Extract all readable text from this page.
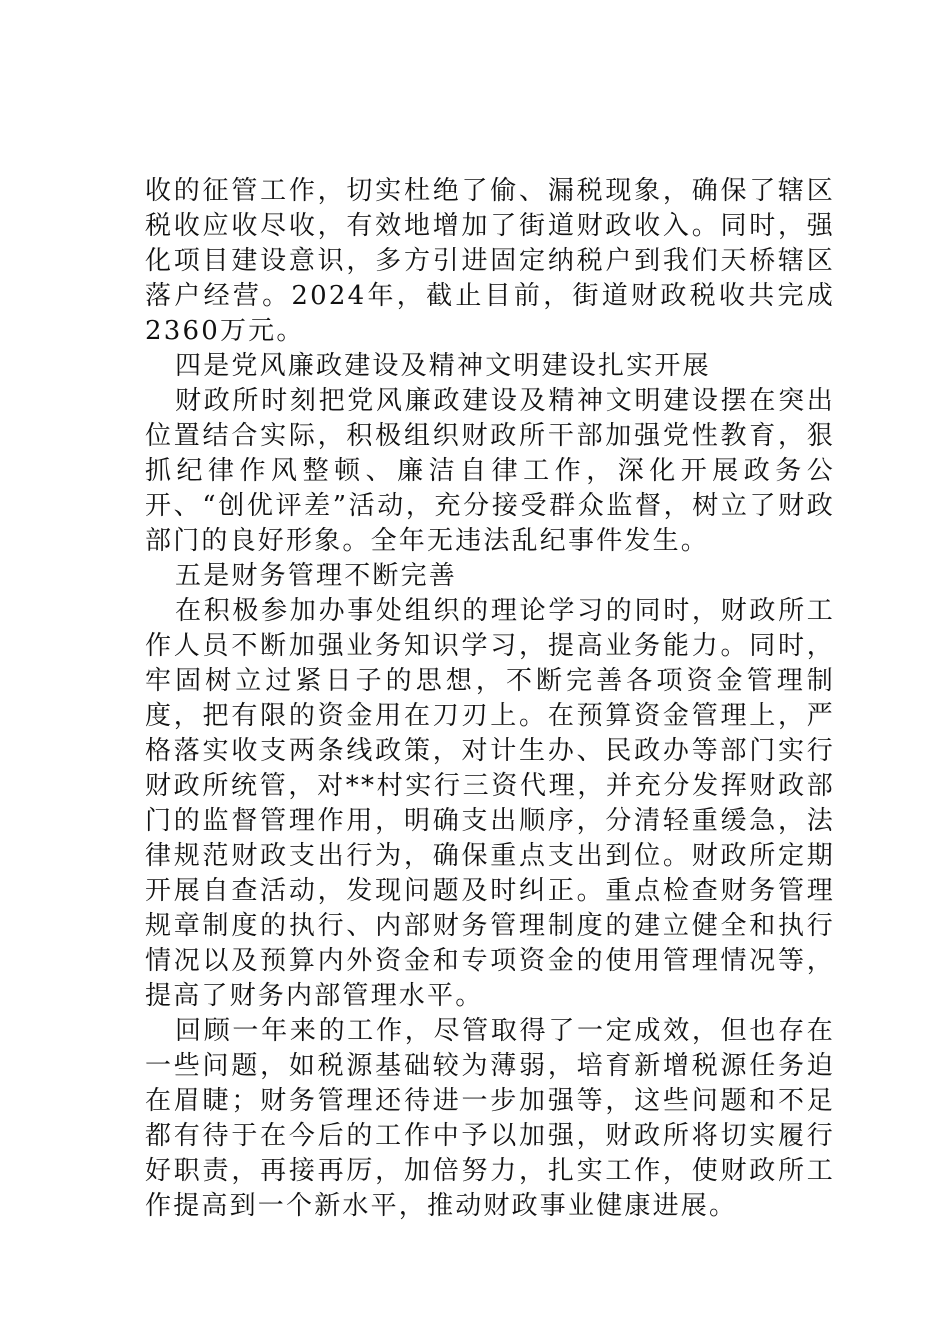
收的征管工作，切实杜绝了偷、漏税现象，确保了辖区税收应收尽收，有效地增加了街道财政收入。同时，强化项目建设意识，多方引进固定纳税户到我们天桥辖区落户经营。2024年，截止目前，街道财政税收共完成2360万元。

四是党风廉政建设及精神文明建设扎实开展

财政所时刻把党风廉政建设及精神文明建设摆在突出位置结合实际，积极组织财政所干部加强党性教育，狠抓纪律作风整顿、廉洁自律工作，深化开展政务公开、“创优评差”活动，充分接受群众监督，树立了财政部门的良好形象。全年无违法乱纪事件发生。

五是财务管理不断完善

在积极参加办事处组织的理论学习的同时，财政所工作人员不断加强业务知识学习，提高业务能力。同时，牢固树立过紧日子的思想，不断完善各项资金管理制度，把有限的资金用在刀刃上。在预算资金管理上，严格落实收支两条线政策，对计生办、民政办等部门实行财政所统管，对**村实行三资代理，并充分发挥财政部门的监督管理作用，明确支出顺序，分清轻重缓急，法律规范财政支出行为，确保重点支出到位。财政所定期开展自查活动，发现问题及时纠正。重点检查财务管理规章制度的执行、内部财务管理制度的建立健全和执行情况以及预算内外资金和专项资金的使用管理情况等，提高了财务内部管理水平。

回顾一年来的工作，尽管取得了一定成效，但也存在一些问题，如税源基础较为薄弱，培育新增税源任务迫在眉睫；财务管理还待进一步加强等，这些问题和不足都有待于在今后的工作中予以加强，财政所将切实履行好职责，再接再厉，加倍努力，扎实工作，使财政所工作提高到一个新水平，推动财政事业健康进展。
